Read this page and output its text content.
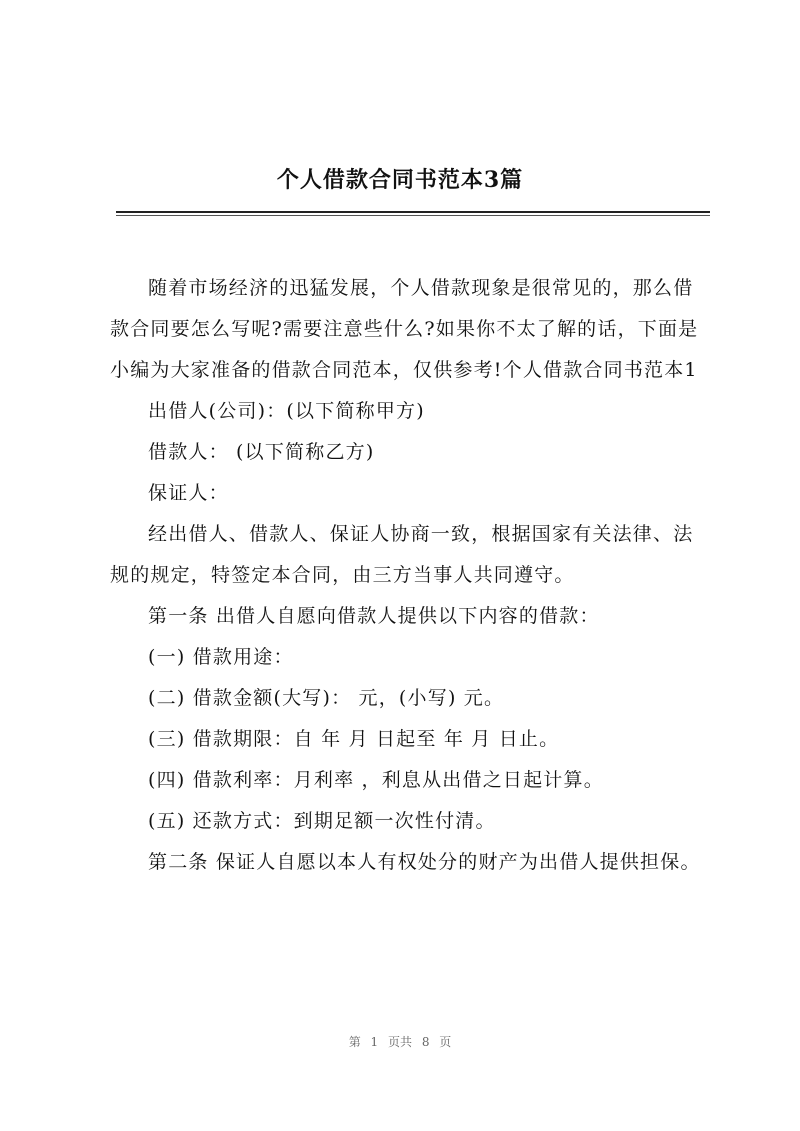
个人借款合同书范本3篇

随着市场经济的迅猛发展，个人借款现象是很常见的，那么借款合同要怎么写呢?需要注意些什么?如果你不太了解的话，下面是小编为大家准备的借款合同范本，仅供参考!个人借款合同书范本1

出借人(公司)：(以下简称甲方)

借款人： (以下简称乙方)

保证人：

经出借人、借款人、保证人协商一致，根据国家有关法律、法规的规定，特签定本合同，由三方当事人共同遵守。

第一条 出借人自愿向借款人提供以下内容的借款：

(一) 借款用途：

(二) 借款金额(大写)： 元，(小写) 元。

(三) 借款期限：自 年 月 日起至 年 月 日止。

(四) 借款利率：月利率 ，利息从出借之日起计算。

(五) 还款方式：到期足额一次性付清。

第二条 保证人自愿以本人有权处分的财产为出借人提供担保。

第 1 页共 8 页
